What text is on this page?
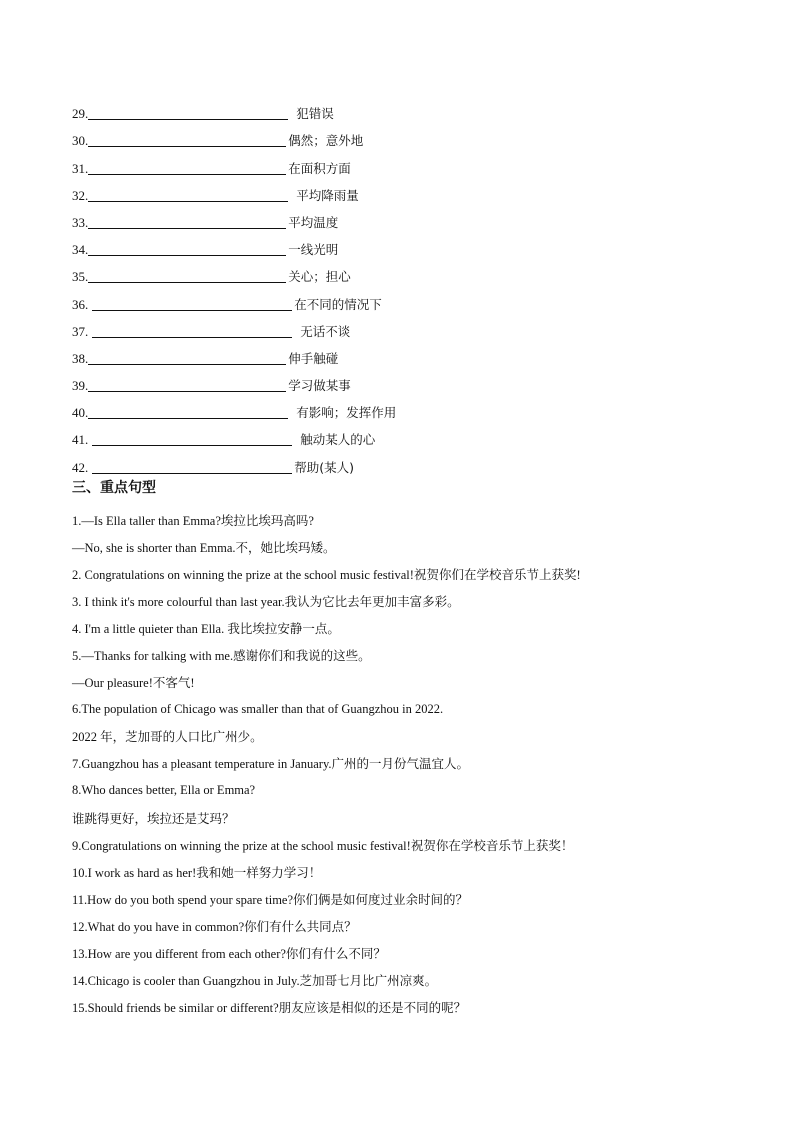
29.	犯错误
30.	偶然；意外地
31.	在面积方面
32.	平均降雨量
33.	平均温度
34.	一线光明
35.	关心；担心
36.	在不同的情况下
37.	无话不谈
38.	伸手触碰
39.	学习做某事
40.	有影响；发挥作用
41.	触动某人的心
42.	帮助(某人)
三、重点句型
1.—Is Ella taller than Emma?埃拉比埃玛高吗?
—No, she is shorter than Emma.不，她比埃玛矮。
2. Congratulations on winning the prize at the school music festival!祝贺你们在学校音乐节上获奖!
3. I think it's more colourful than last year.我认为它比去年更加丰富多彩。
4. I'm a little quieter than Ella. 我比埃拉安静一点。
5.—Thanks for talking with me.感谢你们和我说的这些。
—Our pleasure!不客气!
6.The population of Chicago was smaller than that of Guangzhou in 2022.
2022 年，芝加哥的人口比广州少。
7.Guangzhou has a pleasant temperature in January.广州的一月份气温宜人。
8.Who dances better, Ella or Emma?
谁跳得更好，埃拉还是艾玛？
9.Congratulations on winning the prize at the school music festival!祝贺你在学校音乐节上获奖！
10.I work as hard as her!我和她一样努力学习！
11.How do you both spend your spare time?你们俩是如何度过业余时间的？
12.What do you have in common?你们有什么共同点？
13.How are you different from each other?你们有什么不同？
14.Chicago is cooler than Guangzhou in July.芝加哥七月比广州凉爽。
15.Should friends be similar or different?朋友应该是相似的还是不同的呢？
